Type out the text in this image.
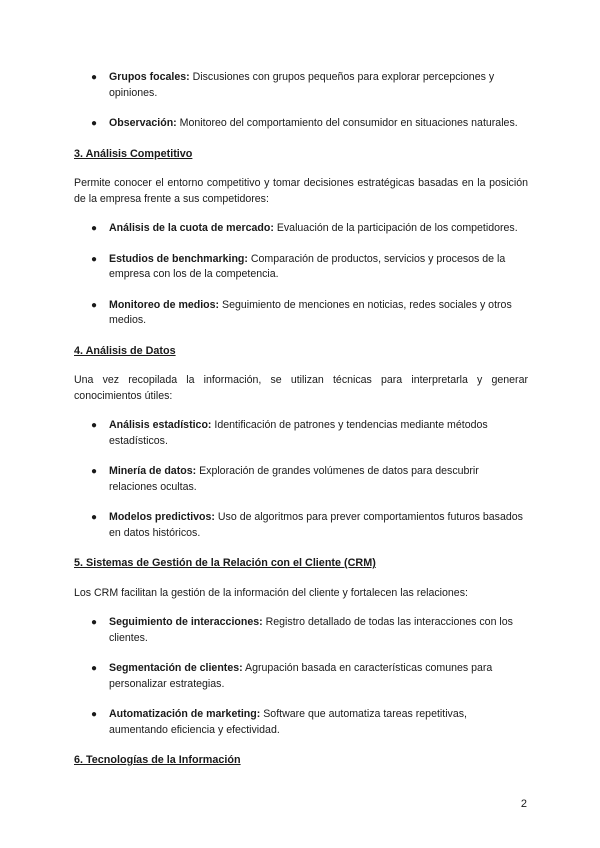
● Grupos focales: Discusiones con grupos pequeños para explorar percepciones y opiniones.
● Observación: Monitoreo del comportamiento del consumidor en situaciones naturales.
3. Análisis Competitivo

Permite conocer el entorno competitivo y tomar decisiones estratégicas basadas en la posición de la empresa frente a sus competidores:

● Análisis de la cuota de mercado: Evaluación de la participación de los competidores.
● Estudios de benchmarking: Comparación de productos, servicios y procesos de la empresa con los de la competencia.
● Monitoreo de medios: Seguimiento de menciones en noticias, redes sociales y otros medios.
4. Análisis de Datos

Una vez recopilada la información, se utilizan técnicas para interpretarla y generar conocimientos útiles:

● Análisis estadístico: Identificación de patrones y tendencias mediante métodos estadísticos.
● Minería de datos: Exploración de grandes volúmenes de datos para descubrir relaciones ocultas.
● Modelos predictivos: Uso de algoritmos para prever comportamientos futuros basados en datos históricos.
5. Sistemas de Gestión de la Relación con el Cliente (CRM)

Los CRM facilitan la gestión de la información del cliente y fortalecen las relaciones:

● Seguimiento de interacciones: Registro detallado de todas las interacciones con los clientes.
● Segmentación de clientes: Agrupación basada en características comunes para personalizar estrategias.
● Automatización de marketing: Software que automatiza tareas repetitivas, aumentando eficiencia y efectividad.
6. Tecnologías de la Información
2
